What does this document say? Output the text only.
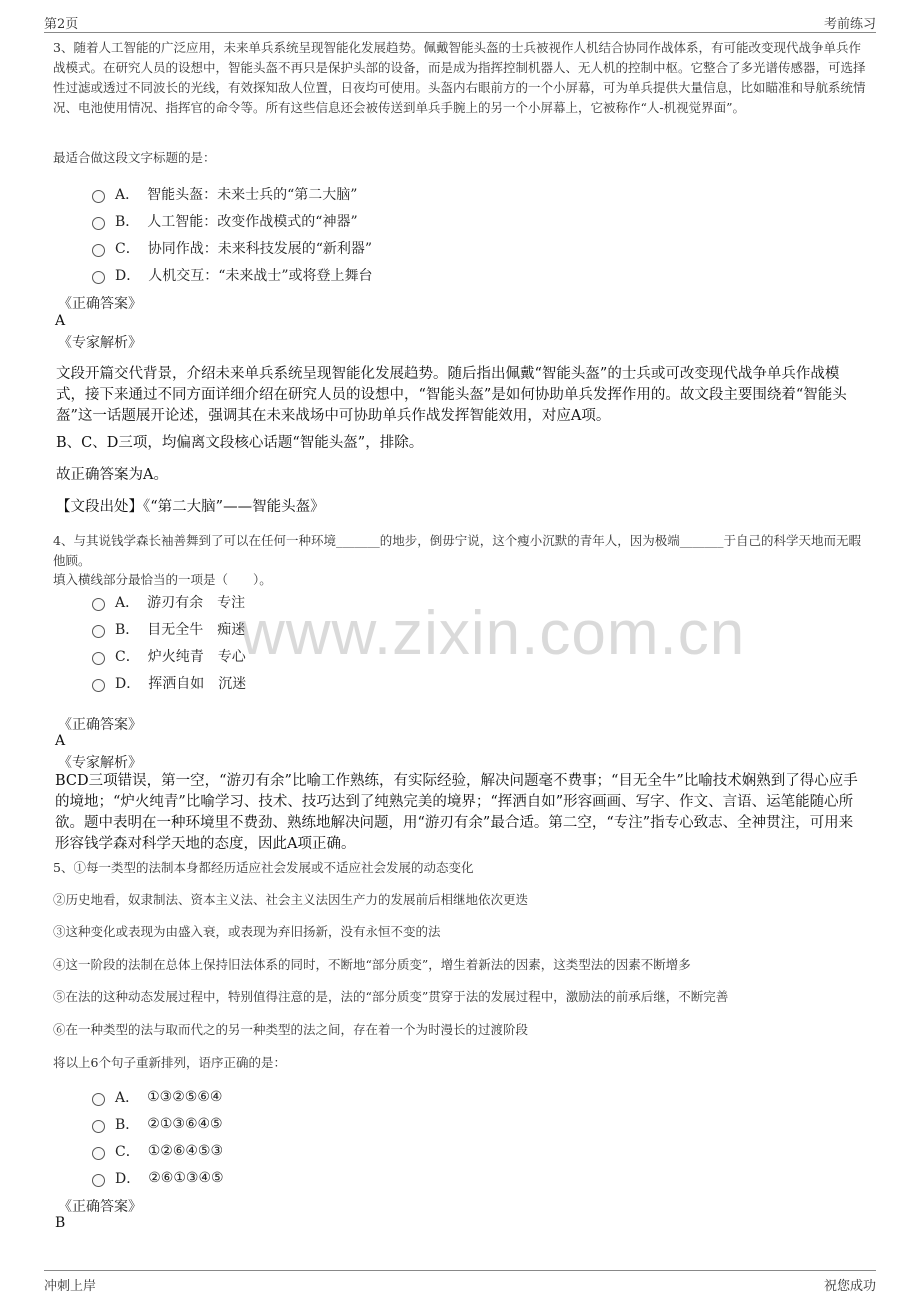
第2页	考前练习
www.zixin.com.cn

3、随着人工智能的广泛应用，未来单兵系统呈现智能化发展趋势。佩戴智能头盔的士兵被视作人机结合协同作战体系，有可能改变现代战争单兵作战模式。在研究人员的设想中，智能头盔不再只是保护头部的设备，而是成为指挥控制机器人、无人机的控制中枢。它整合了多光谱传感器，可选择性过滤或透过不同波长的光线，有效探知敌人位置，日夜均可使用。头盔内右眼前方的一个小屏幕，可为单兵提供大量信息，比如瞄准和导航系统情况、电池使用情况、指挥官的命令等。所有这些信息还会被传送到单兵手腕上的另一个小屏幕上，它被称作“人-机视觉界面”。

最适合做这段文字标题的是：
A． 智能头盔：未来士兵的“第二大脑”
B． 人工智能：改变作战模式的“神器”
C． 协同作战：未来科技发展的“新利器”
D． 人机交互：“未来战士”或将登上舞台
《正确答案》
A
《专家解析》
文段开篇交代背景，介绍未来单兵系统呈现智能化发展趋势。随后指出佩戴“智能头盔”的士兵或可改变现代战争单兵作战模式，接下来通过不同方面详细介绍在研究人员的设想中，“智能头盔”是如何协助单兵发挥作用的。故文段主要围绕着“智能头盔”这一话题展开论述，强调其在未来战场中可协助单兵作战发挥智能效用，对应A项。
B、C、D三项，均偏离文段核心话题“智能头盔”，排除。
故正确答案为A。
【文段出处】《“第二大脑”——智能头盔》
4、与其说钱学森长袖善舞到了可以在任何一种环境_______的地步，倒毋宁说，这个瘦小沉默的青年人，因为极端_______于自己的科学天地而无暇他顾。
填入横线部分最恰当的一项是（　　）。
A． 游刃有余　专注
B． 目无全牛　痴迷
C． 炉火纯青　专心
D． 挥洒自如　沉迷
《正确答案》
A
《专家解析》
BCD三项错误，第一空，“游刃有余”比喻工作熟练，有实际经验，解决问题毫不费事；“目无全牛”比喻技术娴熟到了得心应手的境地；“炉火纯青”比喻学习、技术、技巧达到了纯熟完美的境界；“挥洒自如”形容画画、写字、作文、言语、运笔能随心所欲。题中表明在一种环境里不费劲、熟练地解决问题，用“游刃有余”最合适。第二空，“专注”指专心致志、全神贯注，可用来形容钱学森对科学天地的态度，因此A项正确。
5、①每一类型的法制本身都经历适应社会发展或不适应社会发展的动态变化
②历史地看，奴隶制法、资本主义法、社会主义法因生产力的发展前后相继地依次更迭
③这种变化或表现为由盛入衰，或表现为弃旧扬新，没有永恒不变的法
④这一阶段的法制在总体上保持旧法体系的同时，不断地“部分质变”，增生着新法的因素，这类型法的因素不断增多
⑤在法的这种动态发展过程中，特别值得注意的是，法的“部分质变”贯穿于法的发展过程中，激励法的前承后继，不断完善
⑥在一种类型的法与取而代之的另一种类型的法之间，存在着一个为时漫长的过渡阶段
将以上6个句子重新排列，语序正确的是：
A． ①③②⑤⑥④
B． ②①③⑥④⑤
C． ①②⑥④⑤③
D． ②⑥①③④⑤
《正确答案》
B
冲刺上岸	祝您成功
